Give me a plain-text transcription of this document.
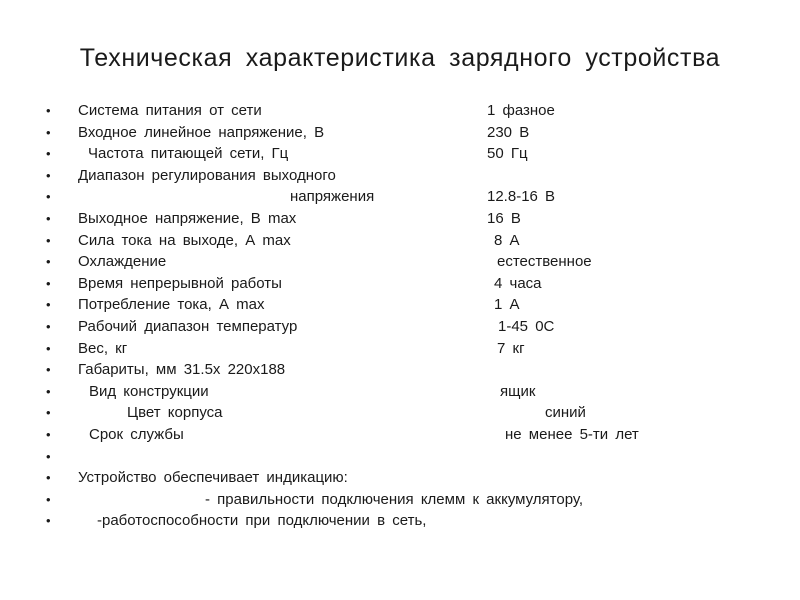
Техническая характеристика зарядного устройства
• Система питания от сети	1 фазное
• Входное линейное напряжение, В	230 В
• Частота питающей сети, Гц	50 Гц
• Диапазон регулирования выходного
•	напряжения	12.8-16 В
• Выходное напряжение, В max	16 В
• Сила тока на выходе, А max	8 А
• Охлаждение	естественное
• Время непрерывной работы	4 часа
• Потребление тока, А max	1 А
• Рабочий диапазон температур	1-45 0С
• Вес, кг	7 кг
• Габариты, мм 31.5х 220х188
•	Вид конструкции	ящик
•	Цвет корпуса	синий
•	Срок службы	не менее 5-ти лет
•
• Устройство обеспечивает индикацию:
•	- правильности подключения клемм к аккумулятору,
•	-работоспособности при подключении в сеть,
